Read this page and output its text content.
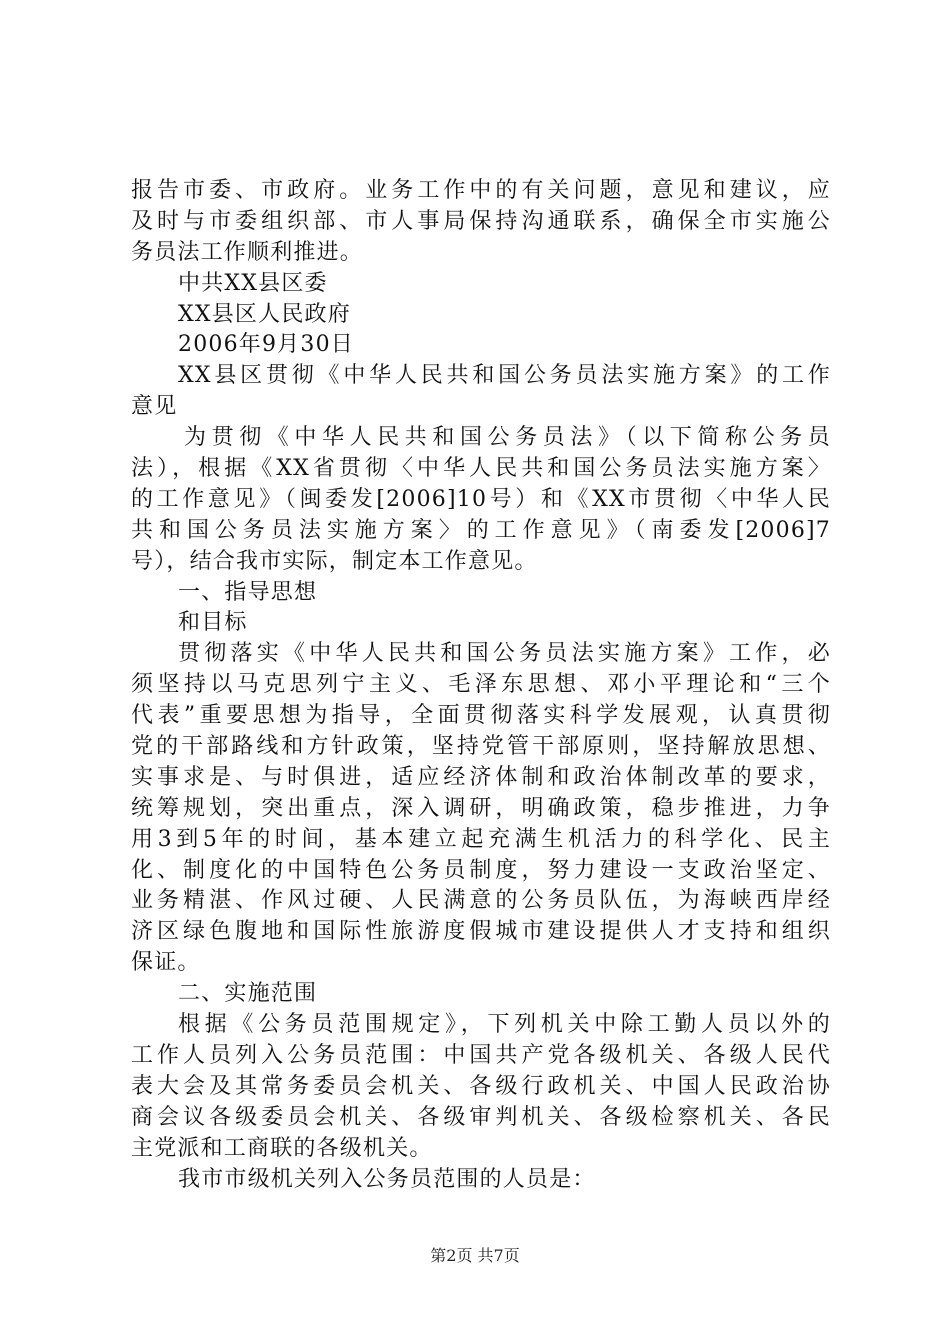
报告市委、市政府。业务工作中的有关问题，意见和建议，应
及时与市委组织部、市人事局保持沟通联系，确保全市实施公
务员法工作顺利推进。
中共XX县区委
XX县区人民政府
2006年9月30日
XX县区贯彻《中华人民共和国公务员法实施方案》的工作
意见
为贯彻《中华人民共和国公务员法》（以下简称公务员
法），根据《XX省贯彻〈中华人民共和国公务员法实施方案〉
的工作意见》（闽委发[2006]10号）和《XX市贯彻〈中华人民
共和国公务员法实施方案〉的工作意见》（南委发[2006]7
号），结合我市实际，制定本工作意见。
一、指导思想
和目标
贯彻落实《中华人民共和国公务员法实施方案》工作，必
须坚持以马克思列宁主义、毛泽东思想、邓小平理论和“三个
代表”重要思想为指导，全面贯彻落实科学发展观，认真贯彻
党的干部路线和方针政策，坚持党管干部原则，坚持解放思想、
实事求是、与时俱进，适应经济体制和政治体制改革的要求，
统筹规划，突出重点，深入调研，明确政策，稳步推进，力争
用3到5年的时间，基本建立起充满生机活力的科学化、民主
化、制度化的中国特色公务员制度，努力建设一支政治坚定、
业务精湛、作风过硬、人民满意的公务员队伍，为海峡西岸经
济区绿色腹地和国际性旅游度假城市建设提供人才支持和组织
保证。
二、实施范围
根据《公务员范围规定》，下列机关中除工勤人员以外的
工作人员列入公务员范围：中国共产党各级机关、各级人民代
表大会及其常务委员会机关、各级行政机关、中国人民政治协
商会议各级委员会机关、各级审判机关、各级检察机关、各民
主党派和工商联的各级机关。
我市市级机关列入公务员范围的人员是：
第2页 共7页
